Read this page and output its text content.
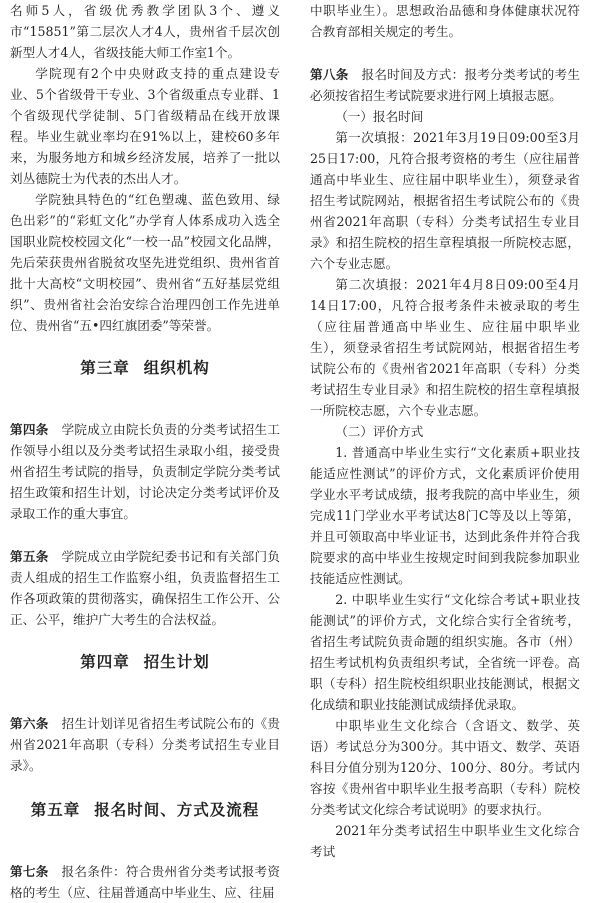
名师5人，省级优秀教学团队3个、遵义市“15851”第二层次人才4人，贵州省千层次创新型人才4人，省级技能大师工作室1个。

学院现有2个中央财政支持的重点建设专业、5个省级骨干专业、3个省级重点专业群、1个省级现代学徒制、5门省级精品在线开放课程。毕业生就业率均在91%以上，建校60多年来，为服务地方和城乡经济发展，培养了一批以刘丛德院士为代表的杰出人才。

学院独具特色的“红色塑魂、蓝色致用、绿色出彩”的“彩虹文化”办学育人体系成功入选全国职业院校校园文化“一校一品”校园文化品牌，先后荣获贵州省脱贫攻坚先进党组织、贵州省首批十大高校“文明校园”、贵州省“五好基层党组织”、贵州省社会治安综合治理四创工作先进单位、贵州省“五•四红旗团委”等荣誉。

第三章 组织机构

第四条　 学院成立由院长负责的分类考试招生工作领导小组以及分类考试招生录取小组，接受贵州省招生考试院的指导，负责制定学院分类考试招生政策和招生计划，讨论决定分类考试评价及录取工作的重大事宜。

第五条　 学院成立由学院纪委书记和有关部门负责人组成的招生工作监察小组，负责监督招生工作各项政策的贯彻落实，确保招生工作公开、公正、公平，维护广大考生的合法权益。

第四章 招生计划

第六条　 招生计划详见省招生考试院公布的《贵州省2021年高职（专科）分类考试招生专业目录》。

第五章 报名时间、方式及流程

第七条　 报名条件：符合贵州省分类考试报考资格的考生（应、往届普通高中毕业生、应、往届

中职毕业生）。思想政治品德和身体健康状况符合教育部相关规定的考生。

第八条　 报名时间及方式：报考分类考试的考生必须按省招生考试院要求进行网上填报志愿。

（一）报名时间

第一次填报：2021年3月19日09:00至3月25日17:00，凡符合报考资格的考生（应往届普通高中毕业生、应往届中职毕业生），须登录省招生考试院网站，根据省招生考试院公布的《贵州省2021年高职（专科）分类考试招生专业目录》和招生院校的招生章程填报一所院校志愿，六个专业志愿。

第二次填报：2021年4月8日09:00至4月14日17:00，凡符合报考条件未被录取的考生（应往届普通高中毕业生、应往届中职毕业生），须登录省招生考试院网站，根据省招生考试院公布的《贵州省2021年高职（专科）分类考试招生专业目录》和招生院校的招生章程填报一所院校志愿，六个专业志愿。

（二）评价方式

1. 普通高中毕业生实行“文化素质+职业技能适应性测试”的评价方式，文化素质评价使用学业水平考试成绩，报考我院的高中毕业生，须完成11门学业水平考试达8门C等及以上等第，并且可领取高中毕业证书，达到此条件并符合我院要求的高中毕业生按规定时间到我院参加职业技能适应性测试。

2. 中职毕业生实行“文化综合考试+职业技能测试”的评价方式，文化综合实行全省统考，省招生考试院负责命题的组织实施。各市（州）招生考试机构负责组织考试，全省统一评卷。高职（专科）招生院校组织职业技能测试，根据文化成绩和职业技能测试成绩择优录取。

中职毕业生文化综合（含语文、数学、英语）考试总分为300分。其中语文、数学、英语科目分值分别为120分、100分、80分。考试内容按《贵州省中职毕业生报考高职（专科）院校分类考试文化综合考试说明》的要求执行。

2021年分类考试招生中职毕业生文化综合考试
